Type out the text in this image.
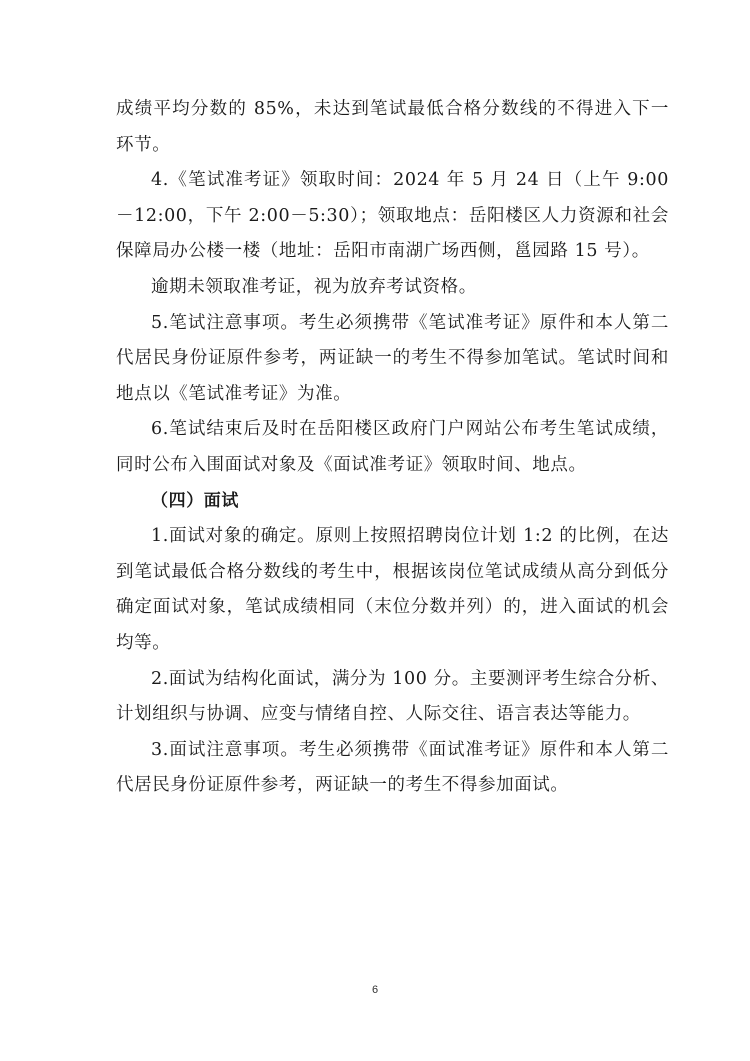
成绩平均分数的 85%，未达到笔试最低合格分数线的不得进入下一环节。

4.《笔试准考证》领取时间：2024 年 5 月 24 日（上午 9:00－12:00，下午 2:00－5:30）；领取地点：岳阳楼区人力资源和社会保障局办公楼一楼（地址：岳阳市南湖广场西侧，邕园路 15 号）。

逾期未领取准考证，视为放弃考试资格。

5.笔试注意事项。考生必须携带《笔试准考证》原件和本人第二代居民身份证原件参考，两证缺一的考生不得参加笔试。笔试时间和地点以《笔试准考证》为准。

6.笔试结束后及时在岳阳楼区政府门户网站公布考生笔试成绩，同时公布入围面试对象及《面试准考证》领取时间、地点。

（四）面试

1.面试对象的确定。原则上按照招聘岗位计划 1:2 的比例，在达到笔试最低合格分数线的考生中，根据该岗位笔试成绩从高分到低分确定面试对象，笔试成绩相同（末位分数并列）的，进入面试的机会均等。

2.面试为结构化面试，满分为 100 分。主要测评考生综合分析、计划组织与协调、应变与情绪自控、人际交往、语言表达等能力。

3.面试注意事项。考生必须携带《面试准考证》原件和本人第二代居民身份证原件参考，两证缺一的考生不得参加面试。

6
